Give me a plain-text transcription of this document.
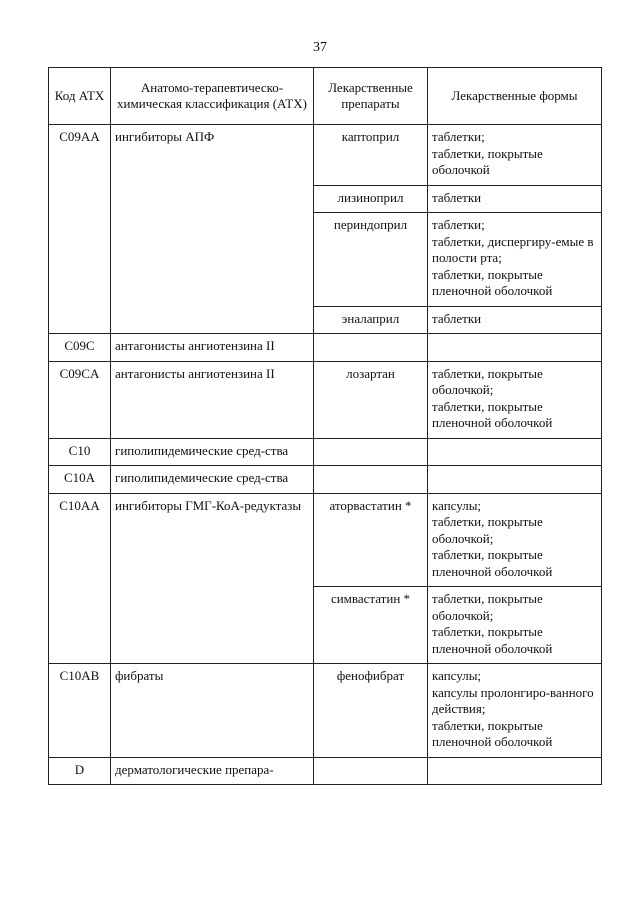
37
Код АТХ	Анатомо-терапевтическо-химическая классификация (АТХ)	Лекарственные препараты	Лекарственные формы
C09AA	ингибиторы АПФ	каптоприл	таблетки;
таблетки, покрытые оболочкой

		лизиноприл	таблетки

		периндоприл	таблетки;
таблетки, диспергиру-емые в полости рта;
таблетки, покрытые пленочной оболочкой

		эналаприл	таблетки

C09C	антагонисты ангиотензина II		
C09CA	антагонисты ангиотензина II	лозартан	таблетки, покрытые оболочкой;
таблетки, покрытые пленочной оболочкой

C10	гиполипидемические сред-ства		
C10A	гиполипидемические сред-ства		
C10AA	ингибиторы ГМГ-КоА-редуктазы	аторвастатин *	капсулы;
таблетки, покрытые оболочкой;
таблетки, покрытые пленочной оболочкой

		симвастатин *	таблетки, покрытые оболочкой;
таблетки, покрытые пленочной оболочкой

C10AB	фибраты	фенофибрат	капсулы;
капсулы пролонгиро-ванного действия;
таблетки, покрытые пленочной оболочкой

D	дерматологические препара-		
